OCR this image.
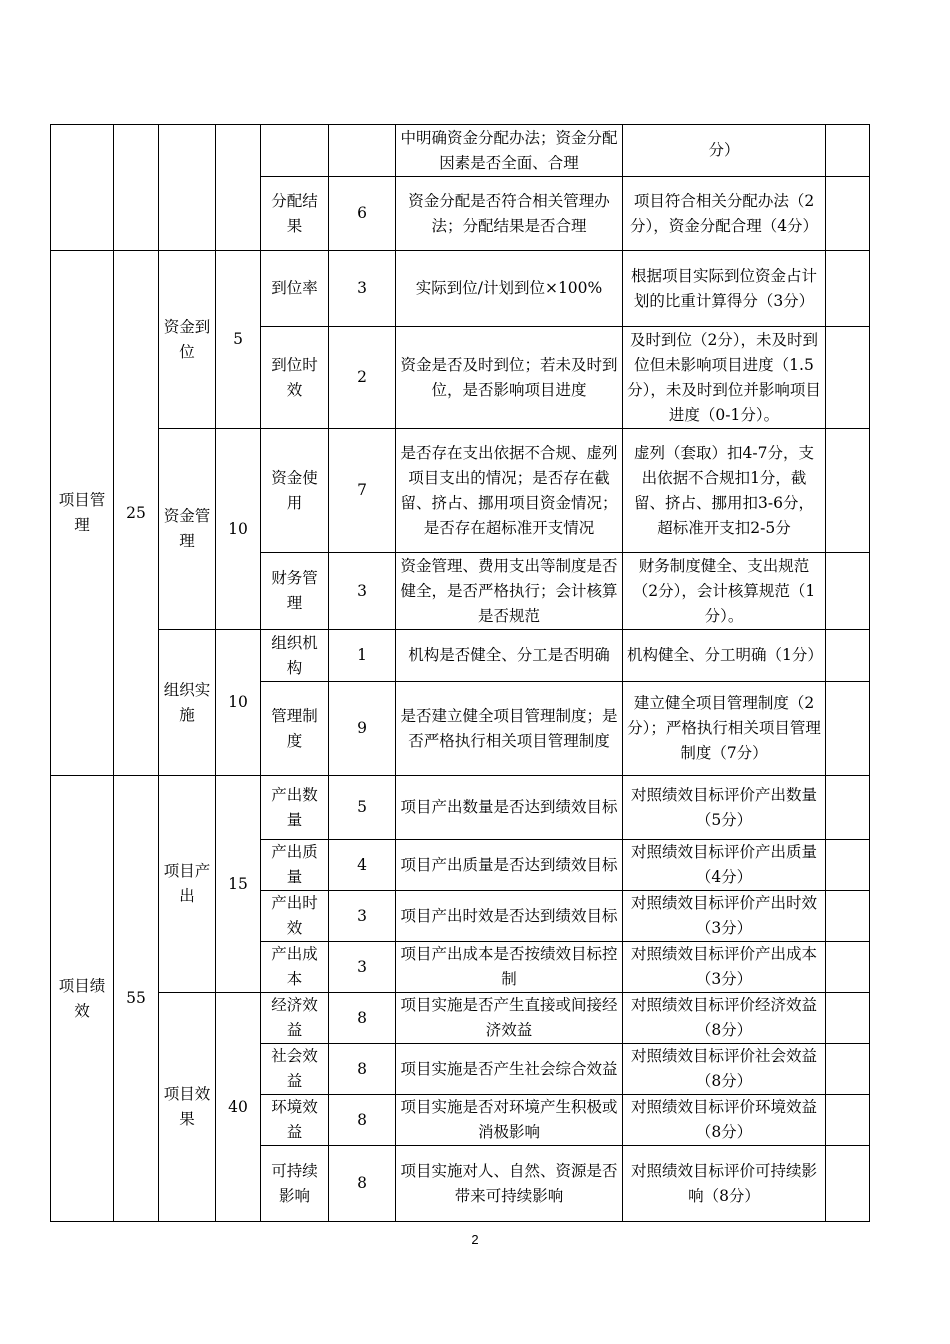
						中明确资金分配办法；资金分配因素是否全面、合理	分）	
				分配结果	6	资金分配是否符合相关管理办法；分配结果是否合理	项目符合相关分配办法（2分），资金分配合理（4分）	
项目管理	25	资金到位	5	到位率	3	实际到位/计划到位×100%	根据项目实际到位资金占计划的比重计算得分（3分）	
				到位时效	2	资金是否及时到位；若未及时到位，是否影响项目进度	及时到位（2分），未及时到位但未影响项目进度（1.5分），未及时到位并影响项目进度（0-1分）。	
		资金管理	10	资金使用	7	是否存在支出依据不合规、虚列项目支出的情况；是否存在截留、挤占、挪用项目资金情况；是否存在超标准开支情况	虚列（套取）扣4-7分，支出依据不合规扣1分，截留、挤占、挪用扣3-6分，超标准开支扣2-5分	
				财务管理	3	资金管理、费用支出等制度是否健全，是否严格执行；会计核算是否规范	财务制度健全、支出规范（2分），会计核算规范（1分）。	
		组织实施	10	组织机构	1	机构是否健全、分工是否明确	机构健全、分工明确（1分）	
				管理制度	9	是否建立健全项目管理制度；是否严格执行相关项目管理制度	建立健全项目管理制度（2分）；严格执行相关项目管理制度（7分）	
项目绩效	55	项目产出	15	产出数量	5	项目产出数量是否达到绩效目标	对照绩效目标评价产出数量（5分）	
				产出质量	4	项目产出质量是否达到绩效目标	对照绩效目标评价产出质量（4分）	
				产出时效	3	项目产出时效是否达到绩效目标	对照绩效目标评价产出时效（3分）	
				产出成本	3	项目产出成本是否按绩效目标控制	对照绩效目标评价产出成本（3分）	
		项目效果	40	经济效益	8	项目实施是否产生直接或间接经济效益	对照绩效目标评价经济效益（8分）	
				社会效益	8	项目实施是否产生社会综合效益	对照绩效目标评价社会效益（8分）	
				环境效益	8	项目实施是否对环境产生积极或消极影响	对照绩效目标评价环境效益（8分）	
				可持续影响	8	项目实施对人、自然、资源是否带来可持续影响	对照绩效目标评价可持续影响（8分）	
2
